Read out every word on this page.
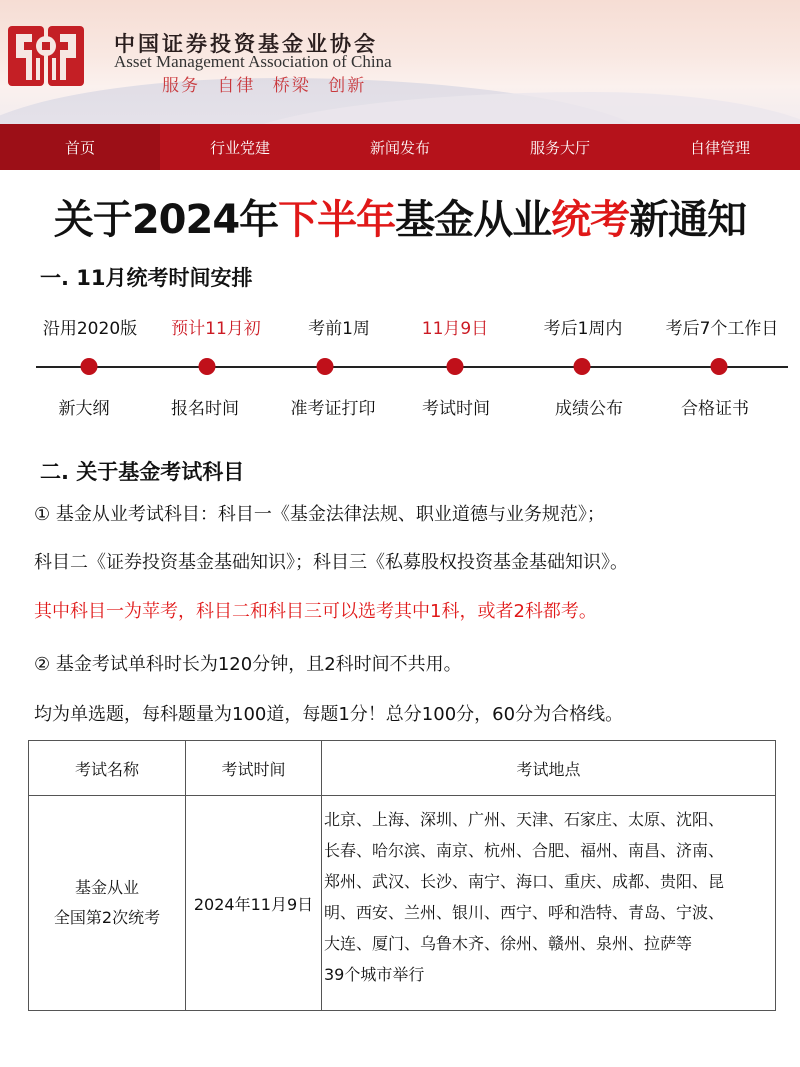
中国证券投资基金业协会
Asset Management Association of China
服务 自律 桥梁 创新
首页	行业党建	新闻发布	服务大厅	自律管理
关于2024年下半年基金从业统考新通知
一. 11月统考时间安排
沿用2020版 预计11月初	考前1周	11月9日	考后1周内	考后7个工作日
新大纲	报名时间	准考证打印	考试时间	成绩公布	合格证书
二. 关于基金考试科目
① 基金从业考试科目：科目一《基金法律法规、职业道德与业务规范》；
科目二《证券投资基金基础知识》；科目三《私募股权投资基金基础知识》。
其中科目一为苹考，科目二和科目三可以选考其中1科，或者2科都考。
② 基金考试单科时长为120分钟，且2科时间不共用。
均为单选题，每科题量为100道，每题1分！总分100分，60分为合格线。
考试名称	考试时间	考试地点

基金从业
全国第2次统考
	2024年11月9日	
北京、上海、深圳、广州、天津、石家庄、太原、沈阳、
长春、哈尔滨、南京、杭州、合肥、福州、南昌、济南、
郑州、武汉、长沙、南宁、海口、重庆、成都、贵阳、昆
明、西安、兰州、银川、西宁、呼和浩特、青岛、宁波、
大连、厦门、乌鲁木齐、徐州、赣州、泉州、拉萨等
39个城市举行
